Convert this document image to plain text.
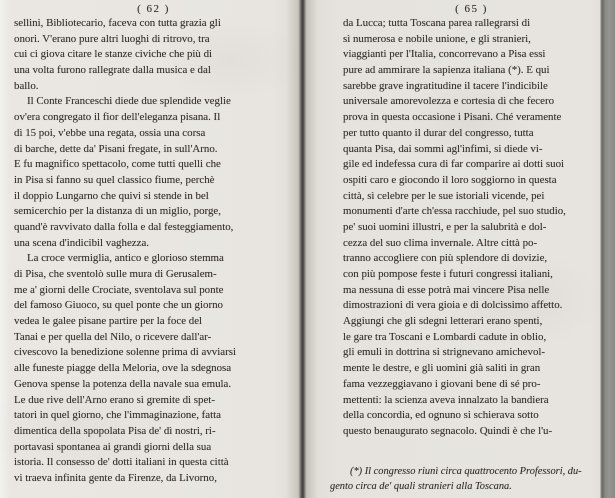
( 62 )
sellini, Bibliotecario, faceva con tutta grazia gli
onori. V'erano pure altri luoghi di ritrovo, tra
cui ci giova citare le stanze civiche che più di
una volta furono rallegrate dalla musica e dal
ballo.
Il Conte Franceschi diede due splendide veglie
ov'era congregato il fior dell'eleganza pisana. Il
dì 15 poi, v'ebbe una regata, ossia una corsa
di barche, dette da' Pisani fregate, in sull'Arno.
E fu magnifico spettacolo, come tutti quelli che
in Pisa si fanno su quel classico fiume, perchè
il doppio Lungarno che quivi si stende in bel
semicerchio per la distanza di un miglio, porge,
quand'è ravvivato dalla folla e dal festeggiamento,
una scena d'indicibil vaghezza.
La croce vermiglia, antico e glorioso stemma
di Pisa, che sventolò sulle mura di Gerusalem-
me a' giorni delle Crociate, sventolava sul ponte
del famoso Giuoco, su quel ponte che un giorno
vedea le galee pisane partire per la foce del
Tanai e per quella del Nilo, o ricevere dall'ar-
civescovo la benedizione solenne prima di avviarsi
alle funeste piagge della Meloria, ove la sdegnosa
Genova spense la potenza della navale sua emula.
Le due rive dell'Arno erano sì gremite di spet-
tatori in quel giorno, che l'immaginazione, fatta
dimentica della spopolata Pisa de' dì nostri, ri-
portavasi spontanea ai grandi giorni della sua
istoria. Il consesso de' dotti italiani in questa città
vi traeva infinita gente da Firenze, da Livorno,
( 65 )
da Lucca; tutta Toscana parea rallegrarsi di
sì numerosa e nobile unione, e gli stranieri,
viaggianti per l'Italia, concorrevano a Pisa essi
pure ad ammirare la sapienza italiana (*). E qui
sarebbe grave ingratitudine il tacere l'indicibile
universale amorevolezza e cortesia di che fecero
prova in questa occasione i Pisani. Ché veramente
per tutto quanto il durar del congresso, tutta
quanta Pisa, dai sommi agl'infimi, si diede vi-
gile ed indefessa cura di far comparire ai dotti suoi
ospiti caro e giocondo il loro soggiorno in questa
città, sì celebre per le sue istoriali vicende, pei
monumenti d'arte ch'essa racchiude, pel suo studio,
pe' suoi uomini illustri, e per la salubrità e dol-
cezza del suo clima invernale. Altre città po-
tranno accogliere con più splendore di dovizie,
con più pompose feste i futuri congressi italiani,
ma nessuna di esse potrà mai vincere Pisa nelle
dimostrazioni di vera gioia e di dolcissimo affetto.
Aggiungi che gli sdegni letterari erano spenti,
le gare tra Toscani e Lombardi cadute in oblio,
gli emuli in dottrina si strignevano amichevol-
mente le destre, e gli uomini già saliti in gran
fama vezzeggiavano i giovani bene di sé pro-
mettenti: la scienza aveva innalzato la bandiera
della concordia, ed ognuno si schierava sotto
questo benaugurato segnacolo. Quindi è che l'u-
(*) Il congresso riunì circa quattrocento Professori, du-
gento circa de' quali stranieri alla Toscana.
